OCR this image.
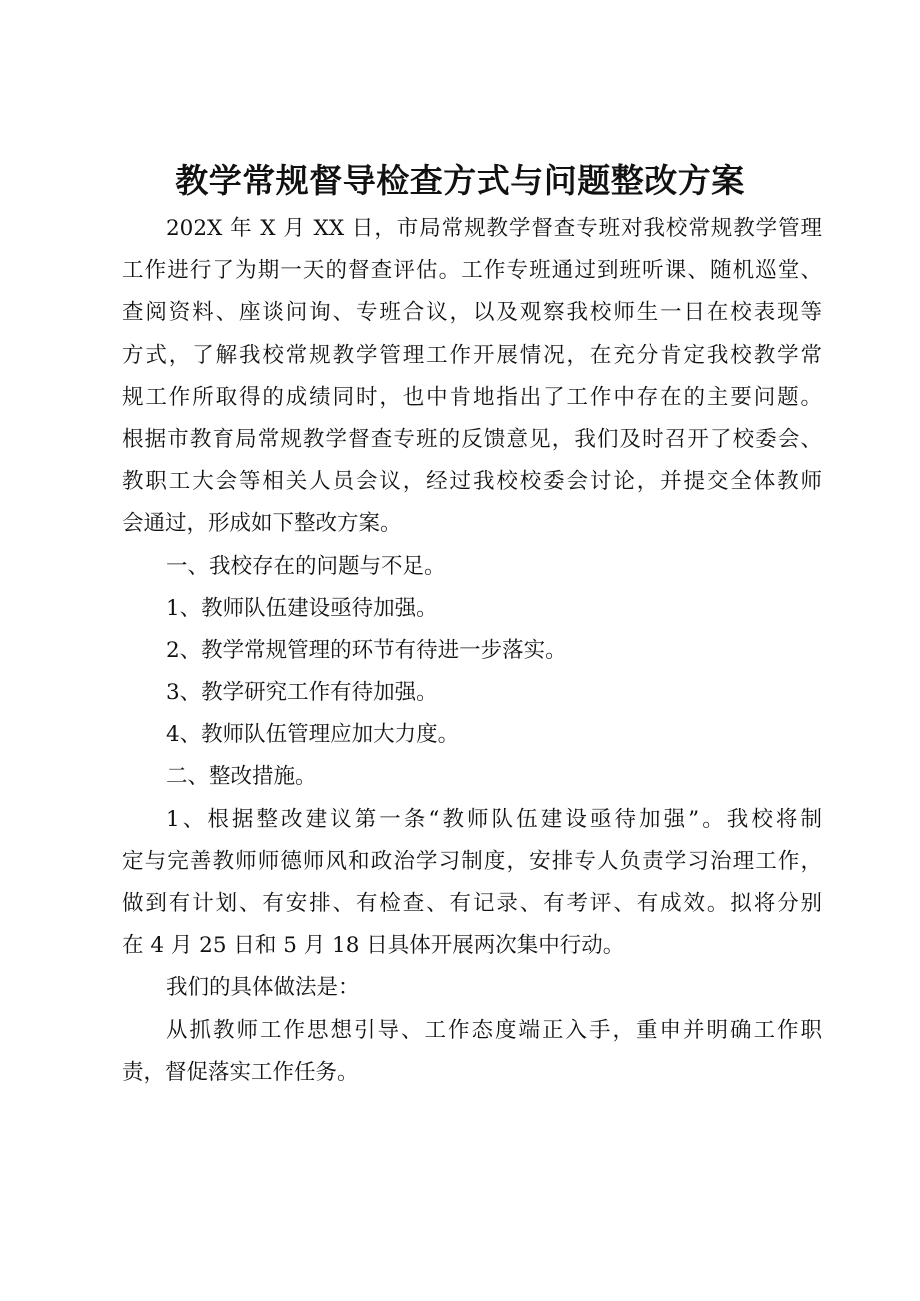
教学常规督导检查方式与问题整改方案
202X 年 X 月 XX 日，市局常规教学督查专班对我校常规教学管理
工作进行了为期一天的督查评估。工作专班通过到班听课、随机巡堂、
查阅资料、座谈问询、专班合议，以及观察我校师生一日在校表现等
方式，了解我校常规教学管理工作开展情况，在充分肯定我校教学常
规工作所取得的成绩同时，也中肯地指出了工作中存在的主要问题。
根据市教育局常规教学督查专班的反馈意见，我们及时召开了校委会、
教职工大会等相关人员会议，经过我校校委会讨论，并提交全体教师
会通过，形成如下整改方案。
一、我校存在的问题与不足。
1、教师队伍建设亟待加强。
2、教学常规管理的环节有待进一步落实。
3、教学研究工作有待加强。
4、教师队伍管理应加大力度。
二、整改措施。
1、根据整改建议第一条“教师队伍建设亟待加强”。我校将制
定与完善教师师德师风和政治学习制度，安排专人负责学习治理工作，
做到有计划、有安排、有检查、有记录、有考评、有成效。拟将分别
在 4 月 25 日和 5 月 18 日具体开展两次集中行动。
我们的具体做法是：
从抓教师工作思想引导、工作态度端正入手，重申并明确工作职
责，督促落实工作任务。
